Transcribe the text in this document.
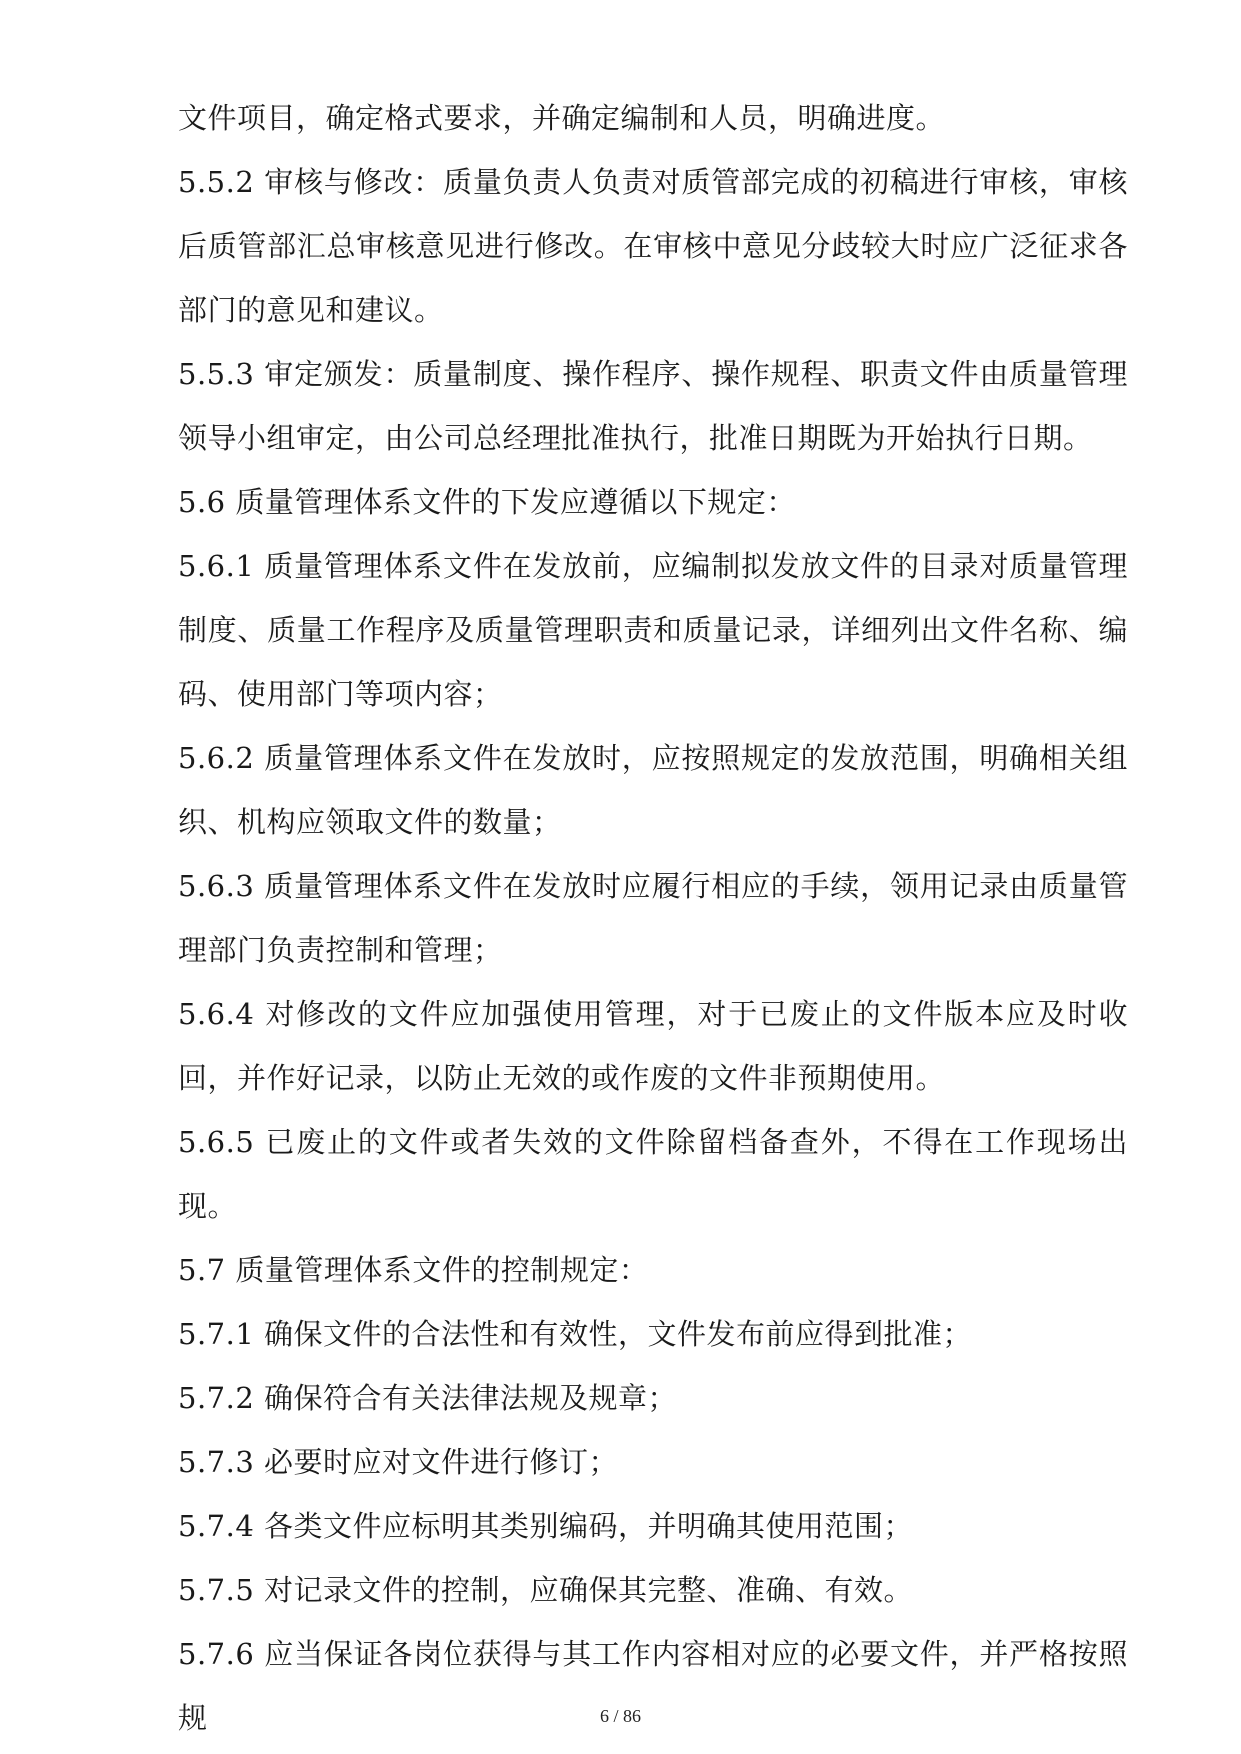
文件项目，确定格式要求，并确定编制和人员，明确进度。

5.5.2 审核与修改：质量负责人负责对质管部完成的初稿进行审核，审核后质管部汇总审核意见进行修改。在审核中意见分歧较大时应广泛征求各部门的意见和建议。

5.5.3 审定颁发：质量制度、操作程序、操作规程、职责文件由质量管理领导小组审定，由公司总经理批准执行，批准日期既为开始执行日期。

5.6 质量管理体系文件的下发应遵循以下规定：

5.6.1 质量管理体系文件在发放前，应编制拟发放文件的目录对质量管理制度、质量工作程序及质量管理职责和质量记录，详细列出文件名称、编码、使用部门等项内容；

5.6.2 质量管理体系文件在发放时，应按照规定的发放范围，明确相关组织、机构应领取文件的数量；

5.6.3 质量管理体系文件在发放时应履行相应的手续，领用记录由质量管理部门负责控制和管理；

5.6.4 对修改的文件应加强使用管理，对于已废止的文件版本应及时收回，并作好记录，以防止无效的或作废的文件非预期使用。

5.6.5 已废止的文件或者失效的文件除留档备查外，不得在工作现场出现。

5.7 质量管理体系文件的控制规定：

5.7.1 确保文件的合法性和有效性，文件发布前应得到批准；

5.7.2 确保符合有关法律法规及规章；

5.7.3 必要时应对文件进行修订；

5.7.4 各类文件应标明其类别编码，并明确其使用范围；

5.7.5 对记录文件的控制，应确保其完整、准确、有效。

5.7.6 应当保证各岗位获得与其工作内容相对应的必要文件，并严格按照规	6 / 86
